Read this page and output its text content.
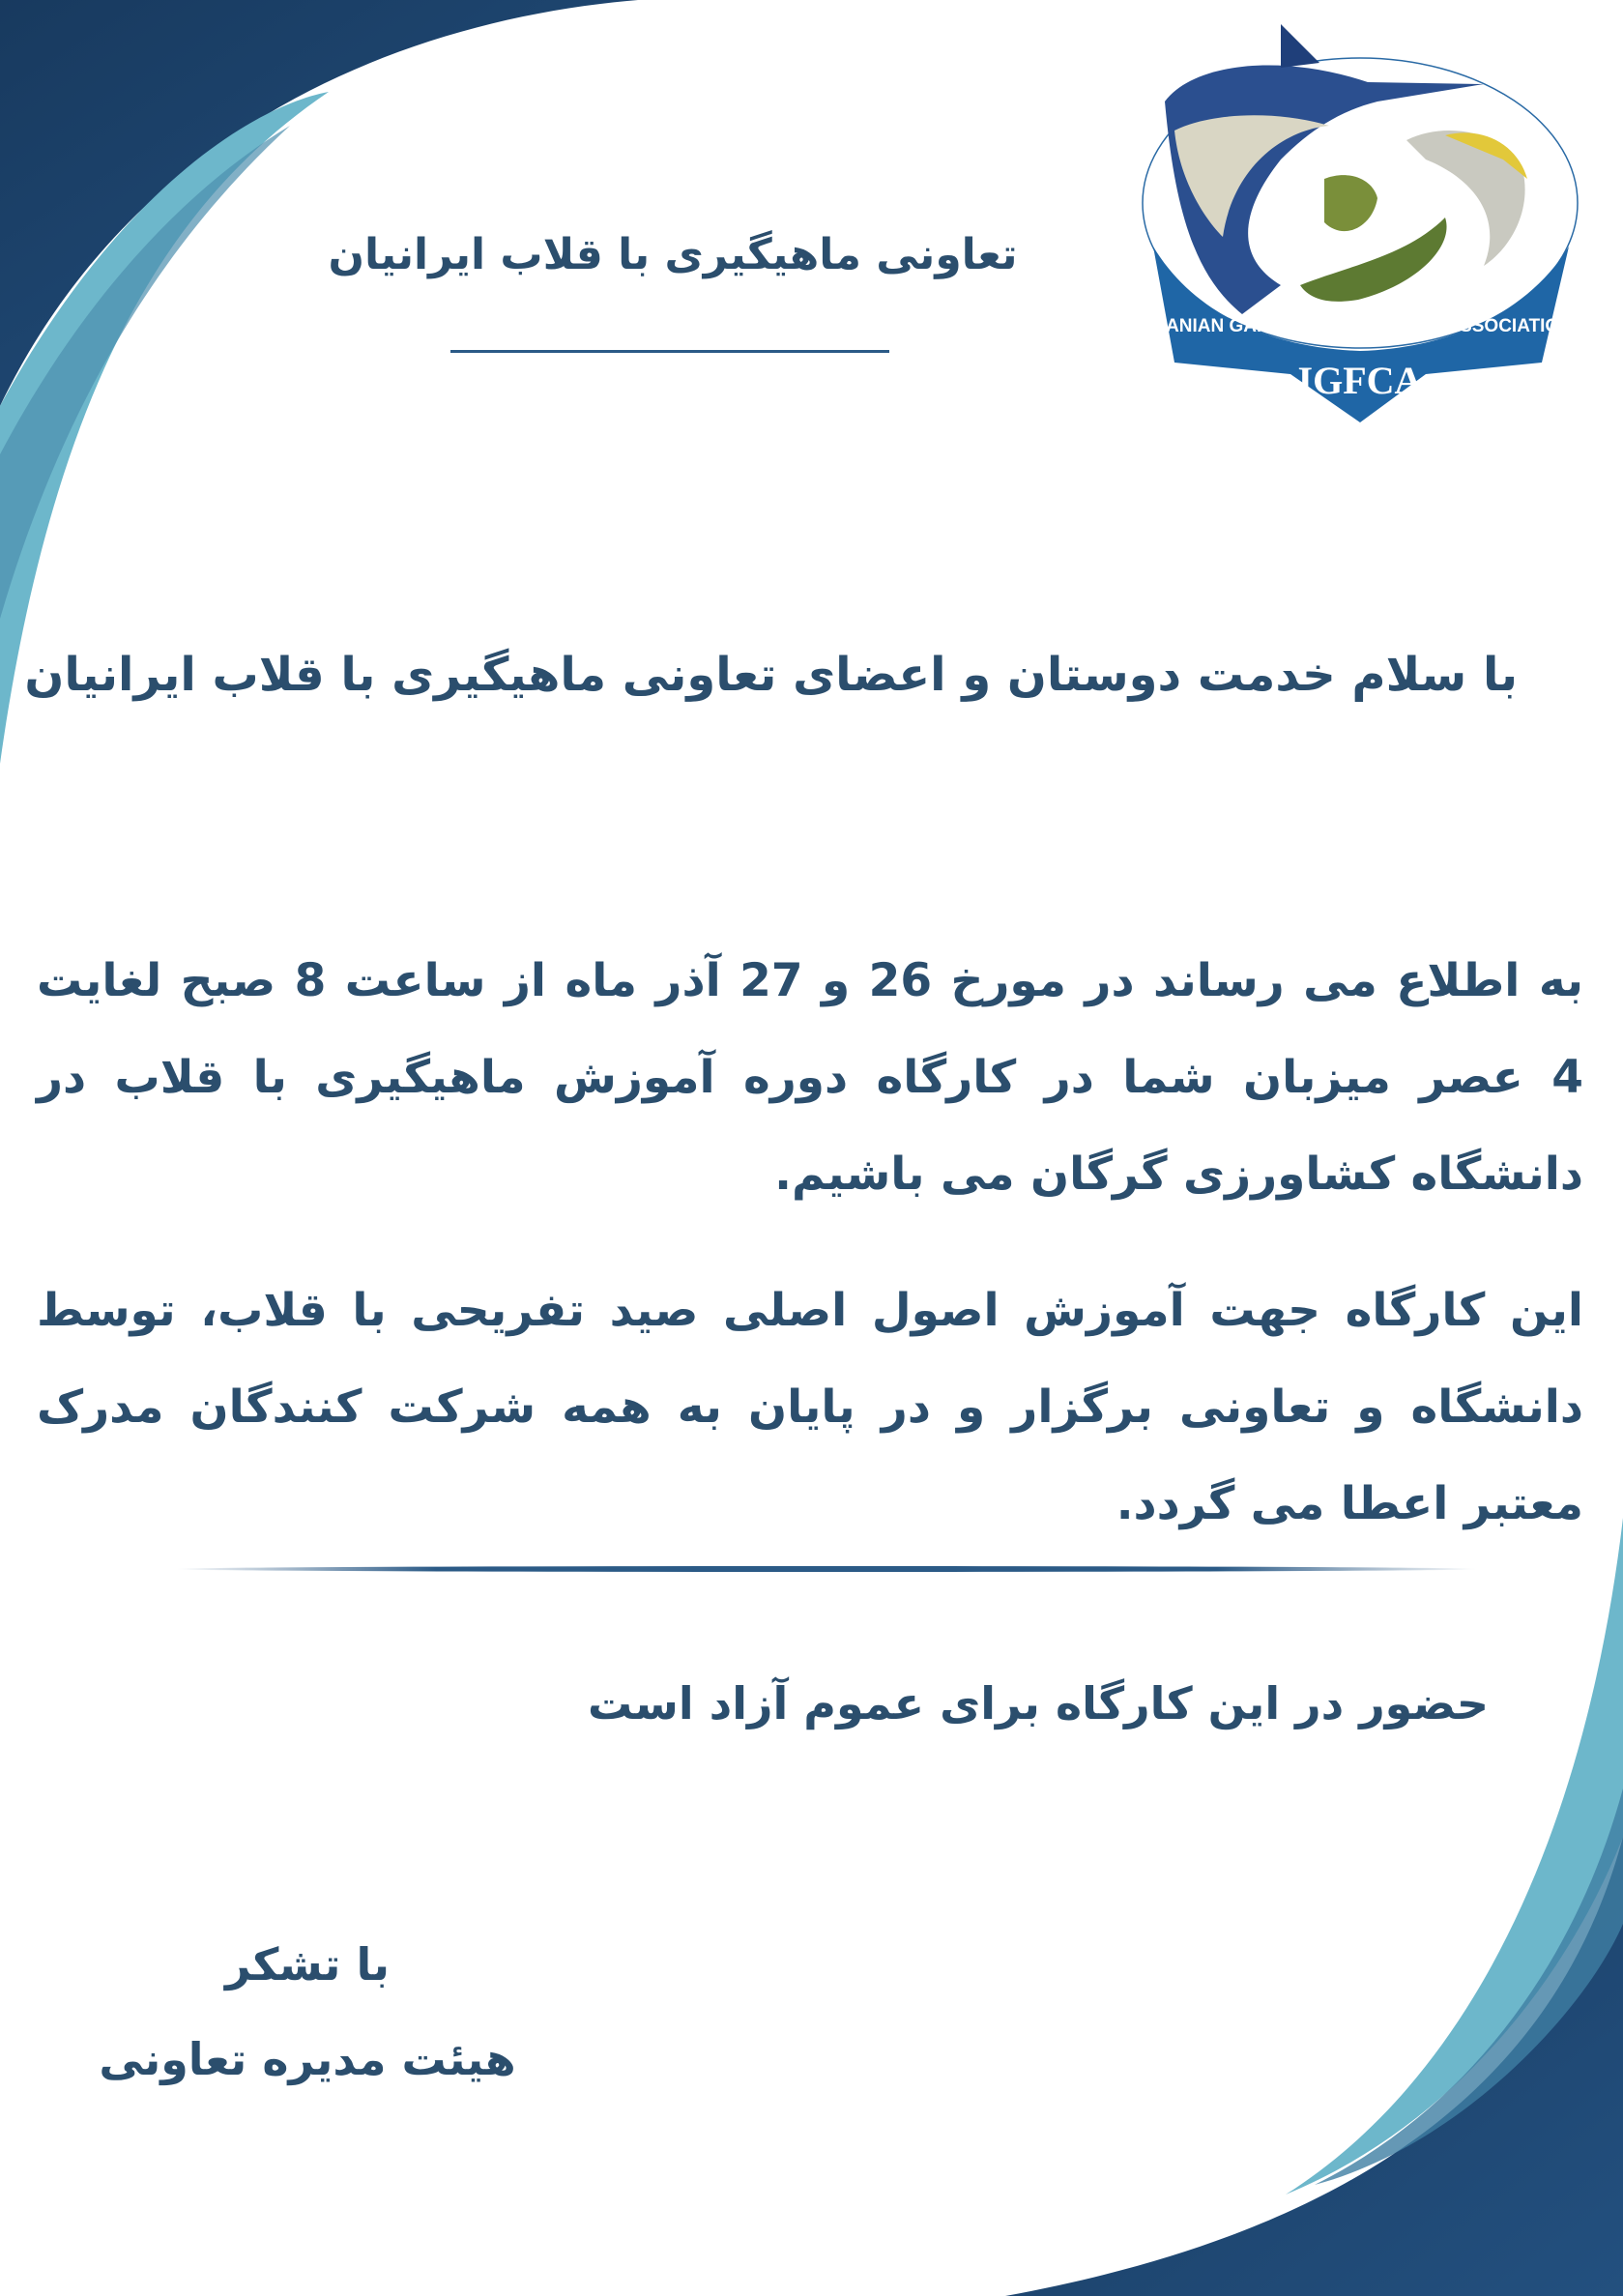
تعاونی ماهیگیری با قلاب ایرانیان
IRANIAN GAME FISH COPRATIVE ASSOCIATION
IGFCA

با سلام خدمت دوستان و اعضای تعاونی ماهیگیری با قلاب ایرانیان

به اطلاع می رساند در مورخ 26 و 27 آذر ماه از ساعت 8 صبح لغایت 4 عصر میزبان شما در کارگاه دوره آموزش ماهیگیری با قلاب در دانشگاه کشاورزی گرگان می باشیم.

این کارگاه جهت آموزش اصول اصلی صید تفریحی با قلاب، توسط دانشگاه و تعاونی برگزار و در پایان به همه شرکت کنندگان مدرک معتبر اعطا می گردد.

حضور در این کارگاه برای عموم آزاد است

با تشکر

هیئت مدیره تعاونی
